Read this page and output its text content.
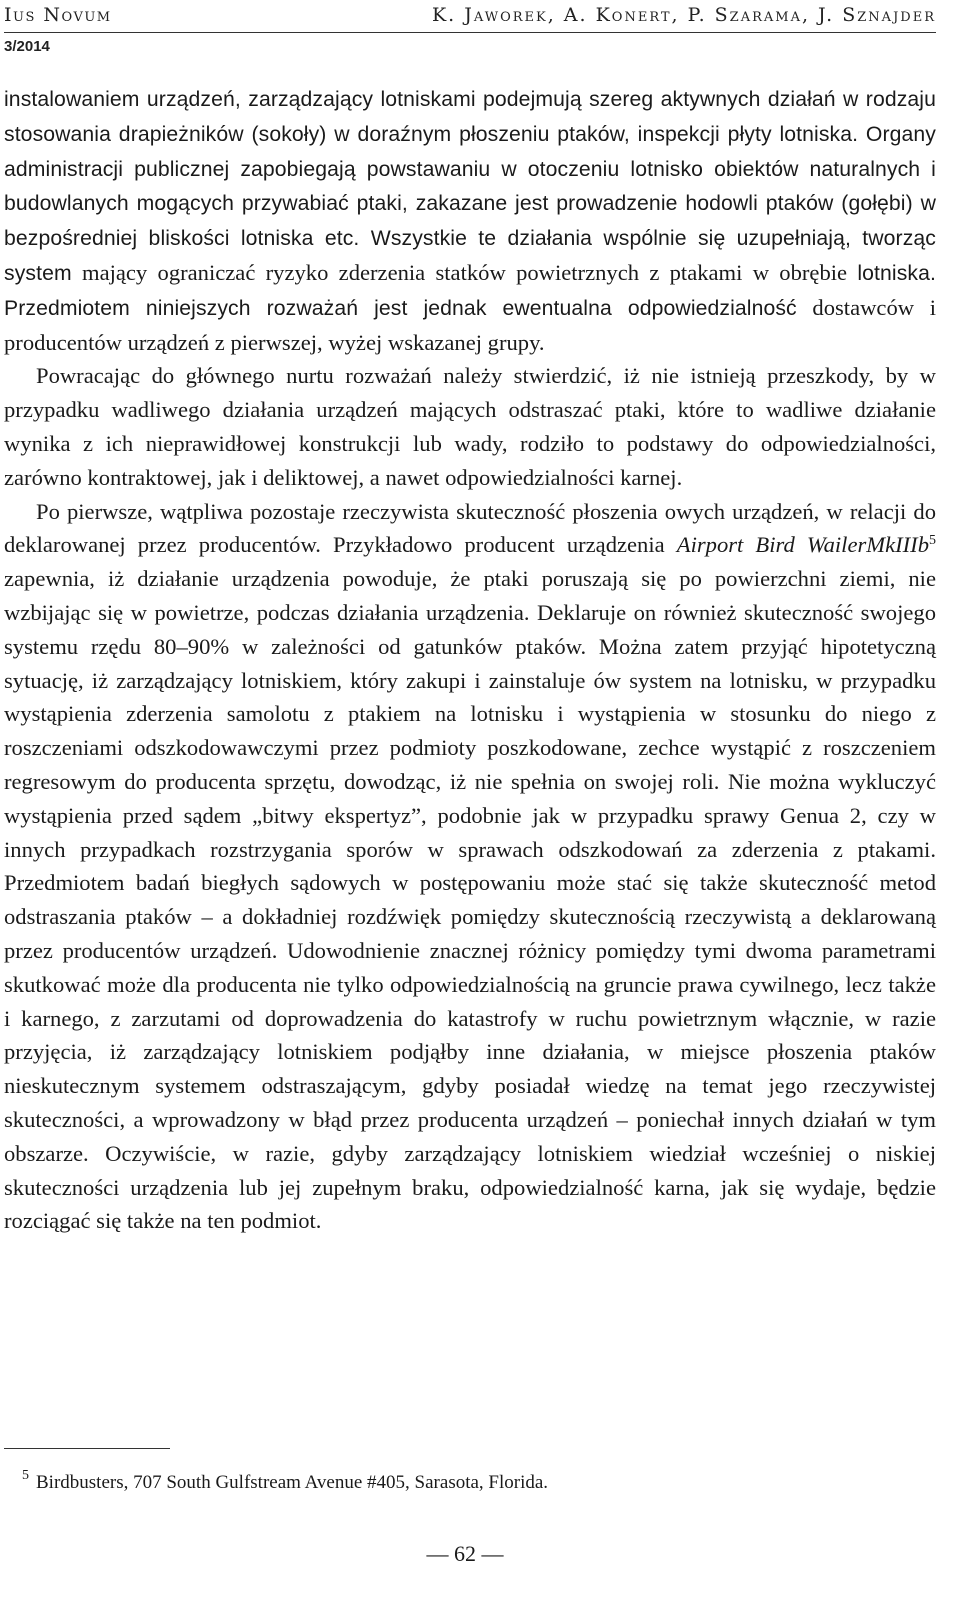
Ius Novum	K. Jaworek, A. Konert, P. Szarama, J. Sznajder
3/2014

instalowaniem urządzeń, zarządzający lotniskami podejmują szereg aktywnych działań w rodzaju stosowania drapieżników (sokoły) w doraźnym płoszeniu ptaków, inspekcji płyty lotniska. Organy administracji publicznej zapobiegają powstawaniu w otoczeniu lotnisko obiektów naturalnych i budowlanych mogących przywabiać ptaki, zakazane jest prowadzenie hodowli ptaków (gołębi) w bezpośredniej bliskości lotniska etc. Wszystkie te działania wspólnie się uzupełniają, tworząc system mający ograniczać ryzyko zderzenia statków powietrznych z ptakami w obrębie lotniska. Przedmiotem niniejszych rozważań jest jednak ewentualna odpowiedzialność dostawców i producentów urządzeń z pierwszej, wyżej wskazanej grupy.

Powracając do głównego nurtu rozważań należy stwierdzić, iż nie istnieją przeszkody, by w przypadku wadliwego działania urządzeń mających odstraszać ptaki, które to wadliwe działanie wynika z ich nieprawidłowej konstrukcji lub wady, rodziło to podstawy do odpowiedzialności, zarówno kontraktowej, jak i deliktowej, a nawet odpowiedzialności karnej.

Po pierwsze, wątpliwa pozostaje rzeczywista skuteczność płoszenia owych urządzeń, w relacji do deklarowanej przez producentów. Przykładowo producent urządzenia Airport Bird WailerMkIIIb$^5$ zapewnia, iż działanie urządzenia powoduje, że ptaki poruszają się po powierzchni ziemi, nie wzbijając się w powietrze, podczas działania urządzenia. Deklaruje on również skuteczność swojego systemu rzędu 80–90% w zależności od gatunków ptaków. Można zatem przyjąć hipotetyczną sytuację, iż zarządzający lotniskiem, który zakupi i zainstaluje ów system na lotnisku, w przypadku wystąpienia zderzenia samolotu z ptakiem na lotnisku i wystąpienia w stosunku do niego z roszczeniami odszkodowawczymi przez podmioty poszkodowane, zechce wystąpić z roszczeniem regresowym do producenta sprzętu, dowodząc, iż nie spełnia on swojej roli. Nie można wykluczyć wystąpienia przed sądem „bitwy ekspertyz”, podobnie jak w przypadku sprawy Genua 2, czy w innych przypadkach rozstrzygania sporów w sprawach odszkodowań za zderzenia z ptakami. Przedmiotem badań biegłych sądowych w postępowaniu może stać się także skuteczność metod odstraszania ptaków – a dokładniej rozdźwięk pomiędzy skutecznością rzeczywistą a deklarowaną przez producentów urządzeń. Udowodnienie znacznej różnicy pomiędzy tymi dwoma parametrami skutkować może dla producenta nie tylko odpowiedzialnością na gruncie prawa cywilnego, lecz także i karnego, z zarzutami od doprowadzenia do katastrofy w ruchu powietrznym włącznie, w razie przyjęcia, iż zarządzający lotniskiem podjąłby inne działania, w miejsce płoszenia ptaków nieskutecznym systemem odstraszającym, gdyby posiadał wiedzę na temat jego rzeczywistej skuteczności, a wprowadzony w błąd przez producenta urządzeń – poniechał innych działań w tym obszarze. Oczywiście, w razie, gdyby zarządzający lotniskiem wiedział wcześniej o niskiej skuteczności urządzenia lub jej zupełnym braku, odpowiedzialność karna, jak się wydaje, będzie rozciągać się także na ten podmiot.

5 Birdbusters, 707 South Gulfstream Avenue #405, Sarasota, Florida.
— 62 —
